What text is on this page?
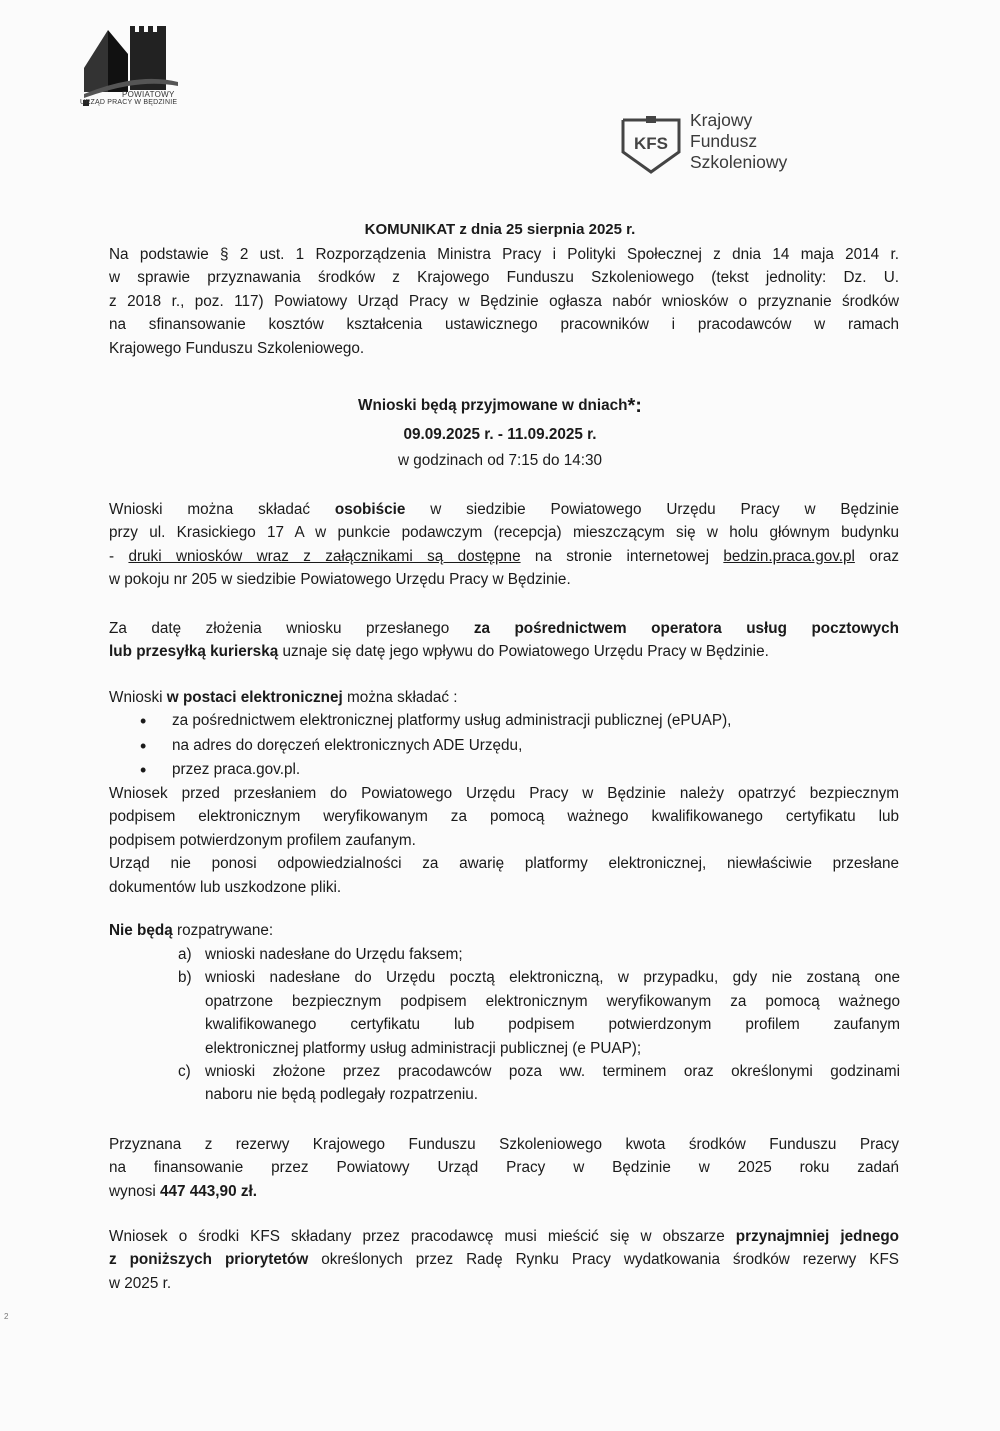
POWIATOWY
URZĄD PRACY W BĘDZINIE
KFS
Krajowy
Fundusz
Szkoleniowy
KOMUNIKAT z dnia 25 sierpnia 2025 r.
Na podstawie § 2 ust. 1 Rozporządzenia Ministra Pracy i Polityki Społecznej z dnia 14 maja 2014 r.
w sprawie przyznawania środków z Krajowego Funduszu Szkoleniowego (tekst jednolity: Dz. U.
z 2018 r., poz. 117) Powiatowy Urząd Pracy w Będzinie ogłasza nabór wniosków o przyznanie środków
na sfinansowanie kosztów kształcenia ustawicznego pracowników i pracodawców w ramach
Krajowego Funduszu Szkoleniowego.
Wnioski będą przyjmowane w dniach*:
09.09.2025 r. - 11.09.2025 r.
w godzinach od 7:15 do 14:30
Wnioski można składać osobiście w siedzibie Powiatowego Urzędu Pracy w Będzinie
przy ul. Krasickiego 17 A w punkcie podawczym (recepcja) mieszczącym się w holu głównym budynku
- druki wniosków wraz z załącznikami są dostępne na stronie internetowej bedzin.praca.gov.pl oraz
w pokoju nr 205 w siedzibie Powiatowego Urzędu Pracy w Będzinie.
Za datę złożenia wniosku przesłanego za pośrednictwem operatora usług pocztowych
lub przesyłką kurierską uznaje się datę jego wpływu do Powiatowego Urzędu Pracy w Będzinie.
Wnioski w postaci elektronicznej można składać :
• za pośrednictwem elektronicznej platformy usług administracji publicznej (ePUAP),
• na adres do doręczeń elektronicznych ADE Urzędu,
• przez praca.gov.pl.
Wniosek przed przesłaniem do Powiatowego Urzędu Pracy w Będzinie należy opatrzyć bezpiecznym
podpisem elektronicznym weryfikowanym za pomocą ważnego kwalifikowanego certyfikatu lub
podpisem potwierdzonym profilem zaufanym.
Urząd nie ponosi odpowiedzialności za awarię platformy elektronicznej, niewłaściwie przesłane
dokumentów lub uszkodzone pliki.
Nie będą rozpatrywane:
a) wnioski nadesłane do Urzędu faksem;
b) wnioski nadesłane do Urzędu pocztą elektroniczną, w przypadku, gdy nie zostaną one
opatrzone bezpiecznym podpisem elektronicznym weryfikowanym za pomocą ważnego
kwalifikowanego certyfikatu lub podpisem potwierdzonym profilem zaufanym
elektronicznej platformy usług administracji publicznej (e PUAP);
c) wnioski złożone przez pracodawców poza ww. terminem oraz określonymi godzinami
naboru nie będą podlegały rozpatrzeniu.
Przyznana z rezerwy Krajowego Funduszu Szkoleniowego kwota środków Funduszu Pracy
na finansowanie przez Powiatowy Urząd Pracy w Będzinie w 2025 roku zadań
wynosi 447 443,90 zł.
Wniosek o środki KFS składany przez pracodawcę musi mieścić się w obszarze przynajmniej jednego
z poniższych priorytetów określonych przez Radę Rynku Pracy wydatkowania środków rezerwy KFS
w 2025 r.
2
